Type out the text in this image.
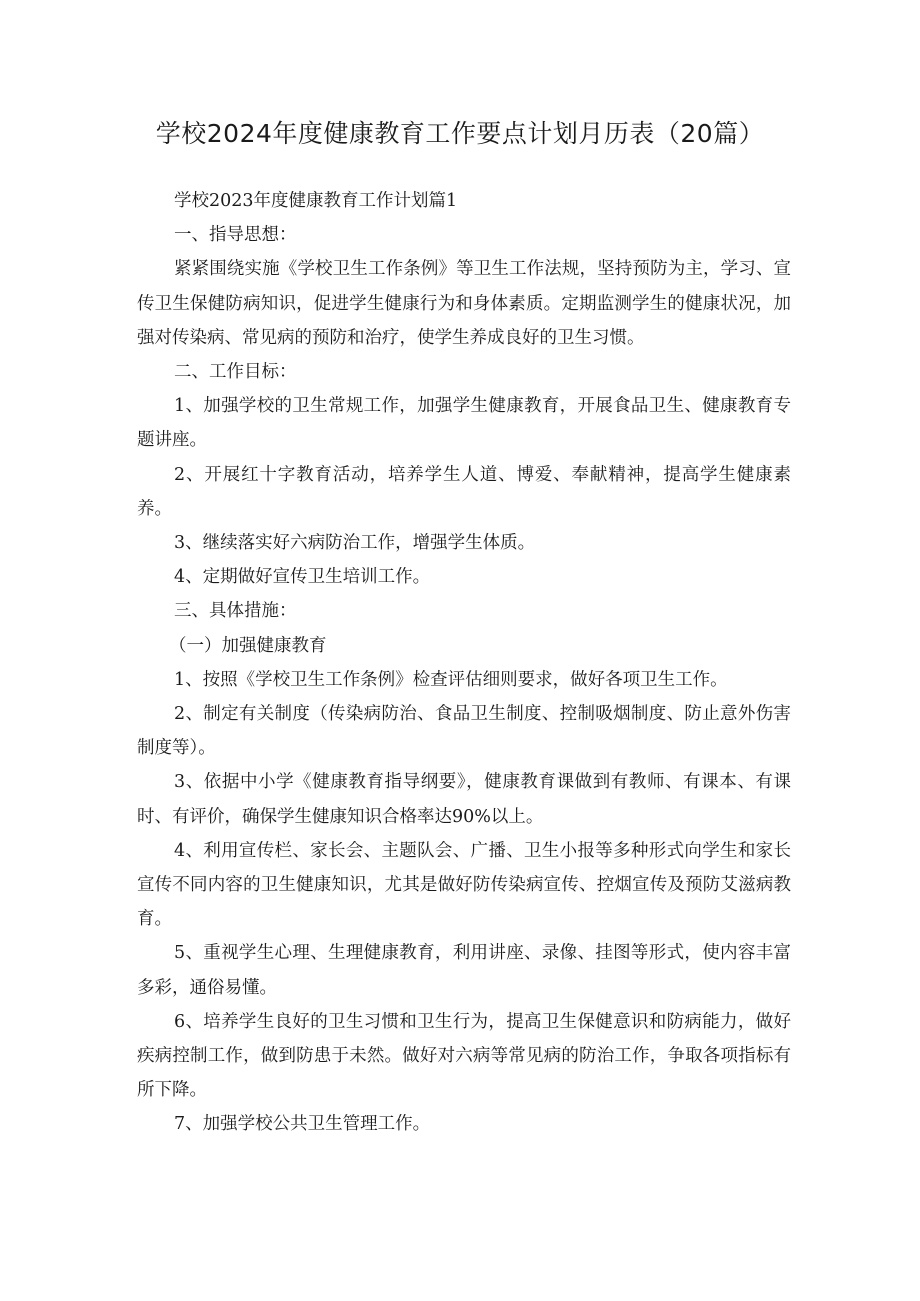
学校2024年度健康教育工作要点计划月历表（20篇）

学校2023年度健康教育工作计划篇1

一、指导思想：

紧紧围绕实施《学校卫生工作条例》等卫生工作法规，坚持预防为主，学习、宣传卫生保健防病知识，促进学生健康行为和身体素质。定期监测学生的健康状况，加强对传染病、常见病的预防和治疗，使学生养成良好的卫生习惯。

二、工作目标：

1、加强学校的卫生常规工作，加强学生健康教育，开展食品卫生、健康教育专题讲座。

2、开展红十字教育活动，培养学生人道、博爱、奉献精神，提高学生健康素养。

3、继续落实好六病防治工作，增强学生体质。

4、定期做好宣传卫生培训工作。

三、具体措施：

（一）加强健康教育

1、按照《学校卫生工作条例》检查评估细则要求，做好各项卫生工作。

2、制定有关制度（传染病防治、食品卫生制度、控制吸烟制度、防止意外伤害制度等）。

3、依据中小学《健康教育指导纲要》，健康教育课做到有教师、有课本、有课时、有评价，确保学生健康知识合格率达90%以上。

4、利用宣传栏、家长会、主题队会、广播、卫生小报等多种形式向学生和家长宣传不同内容的卫生健康知识，尤其是做好防传染病宣传、控烟宣传及预防艾滋病教育。

5、重视学生心理、生理健康教育，利用讲座、录像、挂图等形式，使内容丰富多彩，通俗易懂。

6、培养学生良好的卫生习惯和卫生行为，提高卫生保健意识和防病能力，做好疾病控制工作，做到防患于未然。做好对六病等常见病的防治工作，争取各项指标有所下降。

7、加强学校公共卫生管理工作。
